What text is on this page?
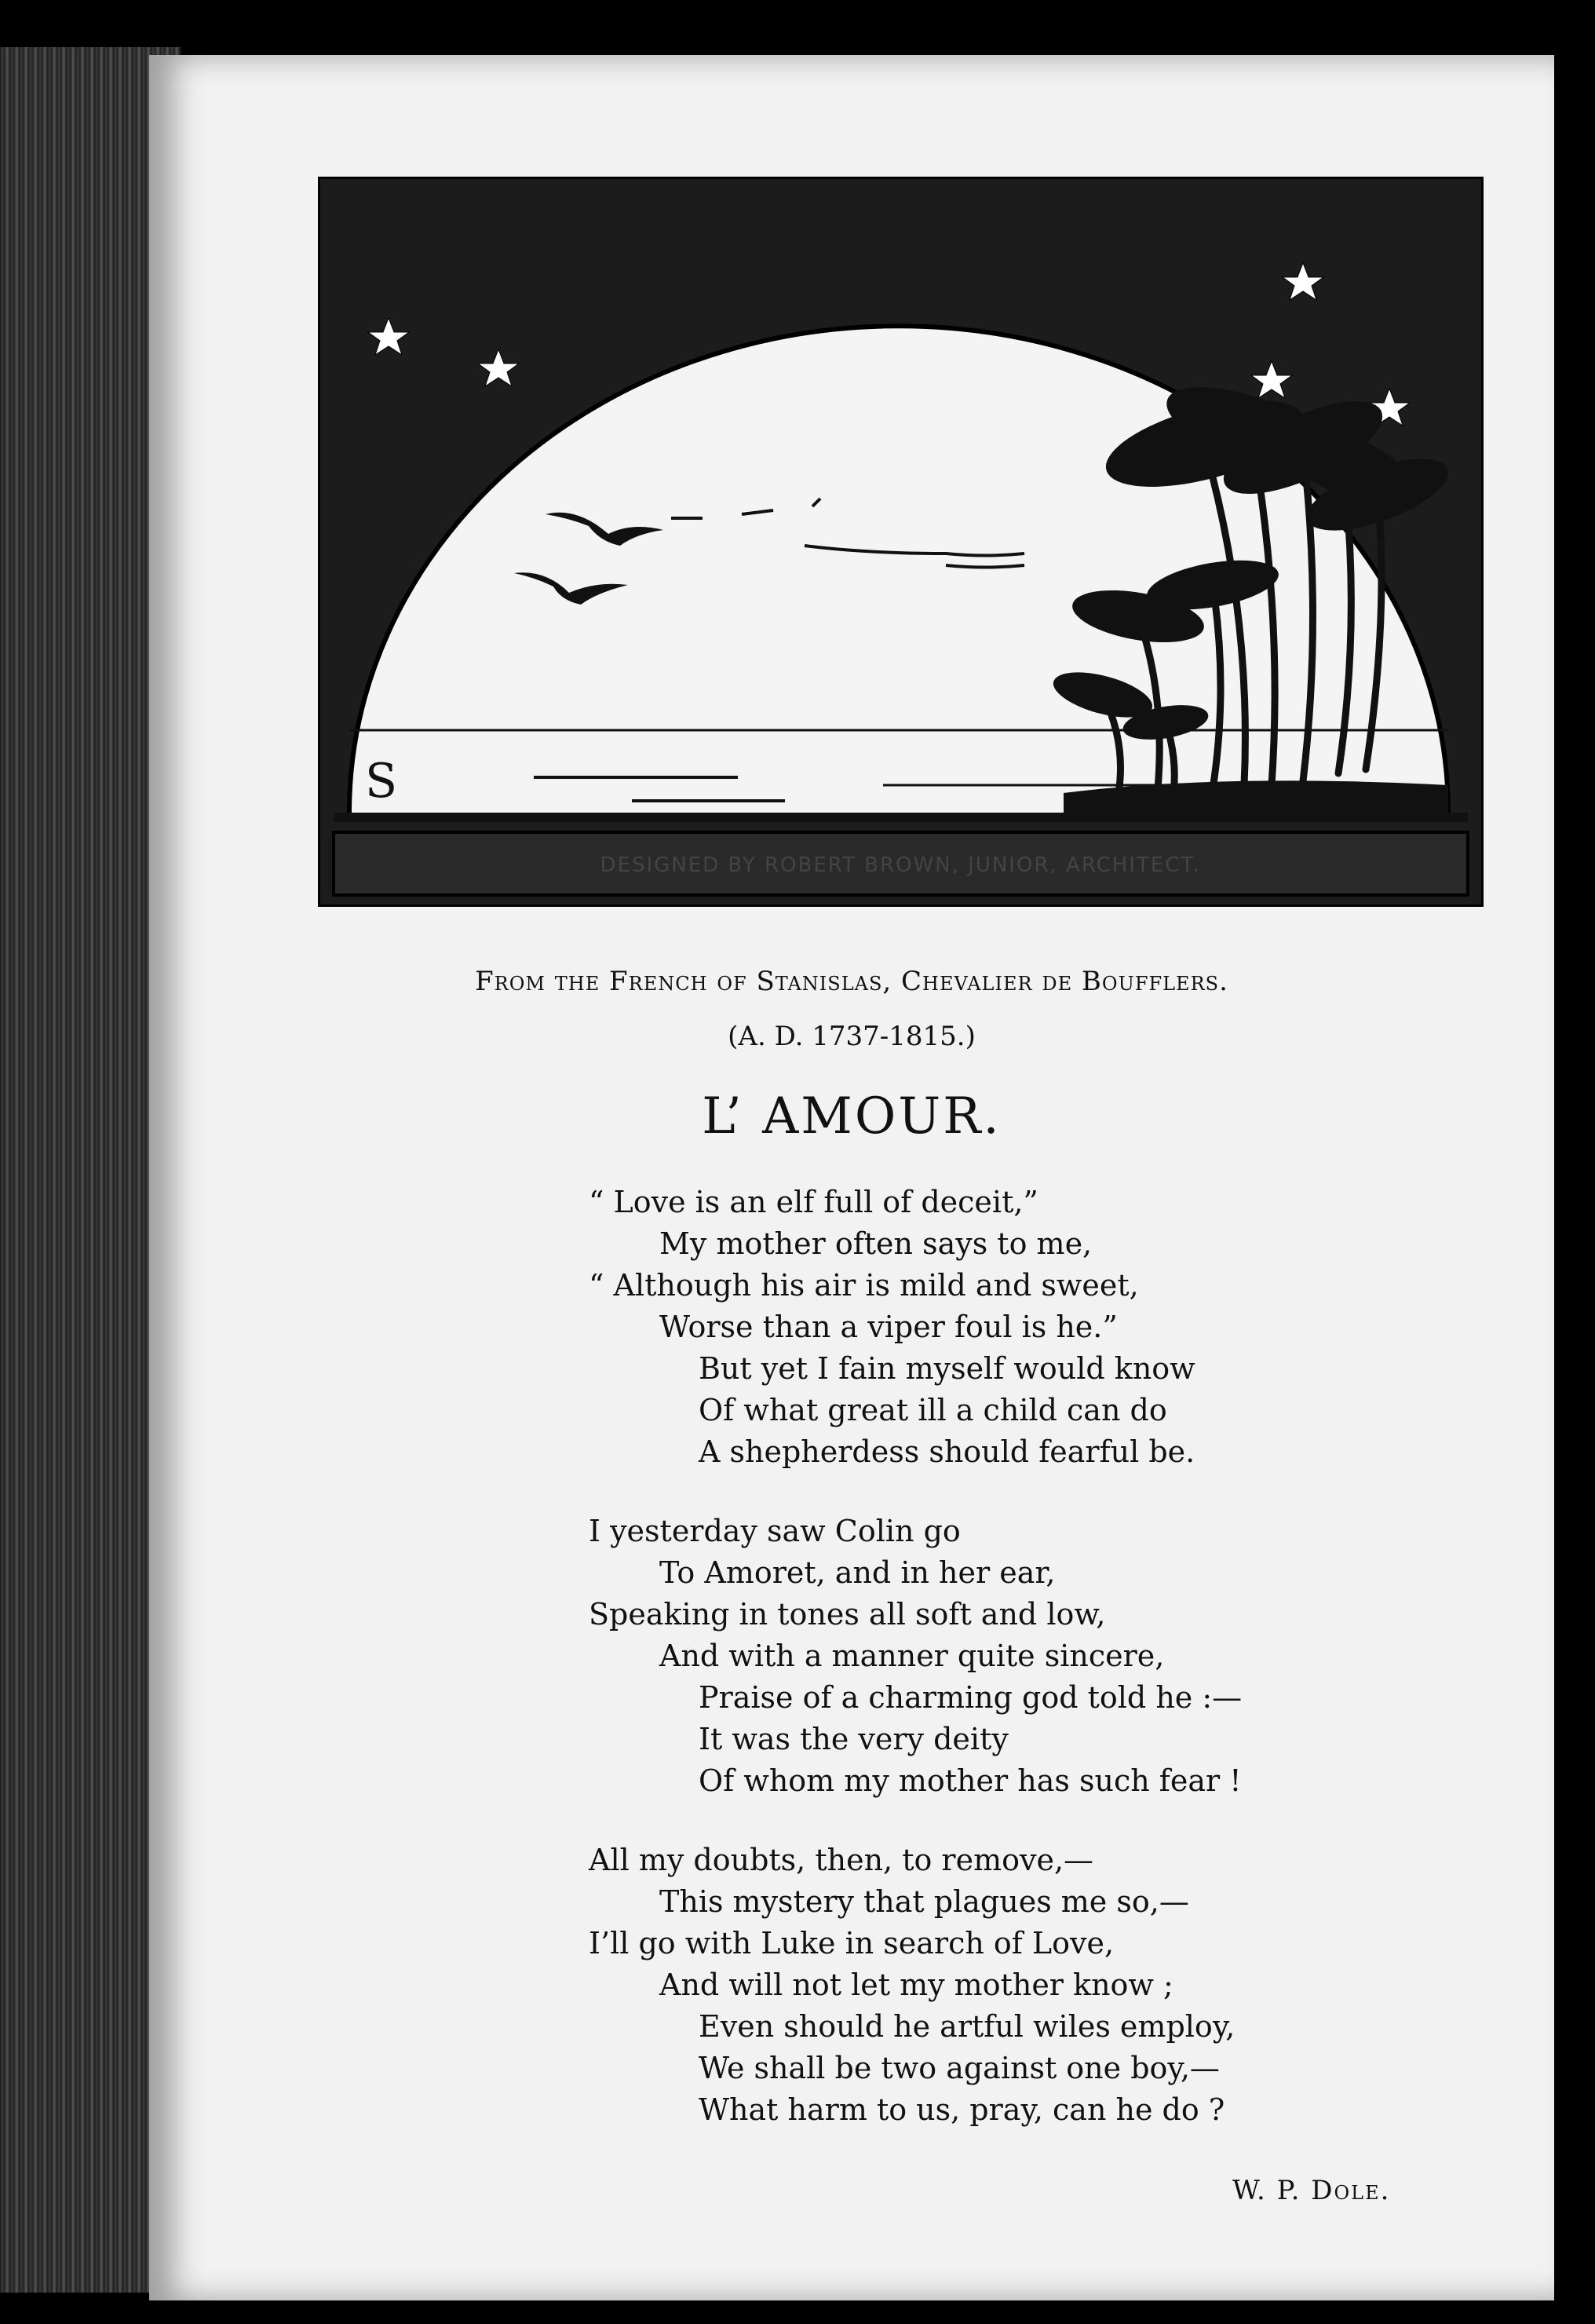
S
DESIGNED BY ROBERT BROWN, JUNIOR, ARCHITECT.
From the French of Stanislas, Chevalier de Boufflers.
(A. D. 1737-1815.)
L’ AMOUR.
“ Love is an elf full of deceit,”
My mother often says to me,
“ Although his air is mild and sweet,
Worse than a viper foul is he.”
But yet I fain myself would know
Of what great ill a child can do
A shepherdess should fearful be.
I yesterday saw Colin go
To Amoret, and in her ear,
Speaking in tones all soft and low,
And with a manner quite sincere,
Praise of a charming god told he :—
It was the very deity
Of whom my mother has such fear !
All my doubts, then, to remove,—
This mystery that plagues me so,—
I’ll go with Luke in search of Love,
And will not let my mother know ;
Even should he artful wiles employ,
We shall be two against one boy,—
What harm to us, pray, can he do ?
W. P. Dole.
